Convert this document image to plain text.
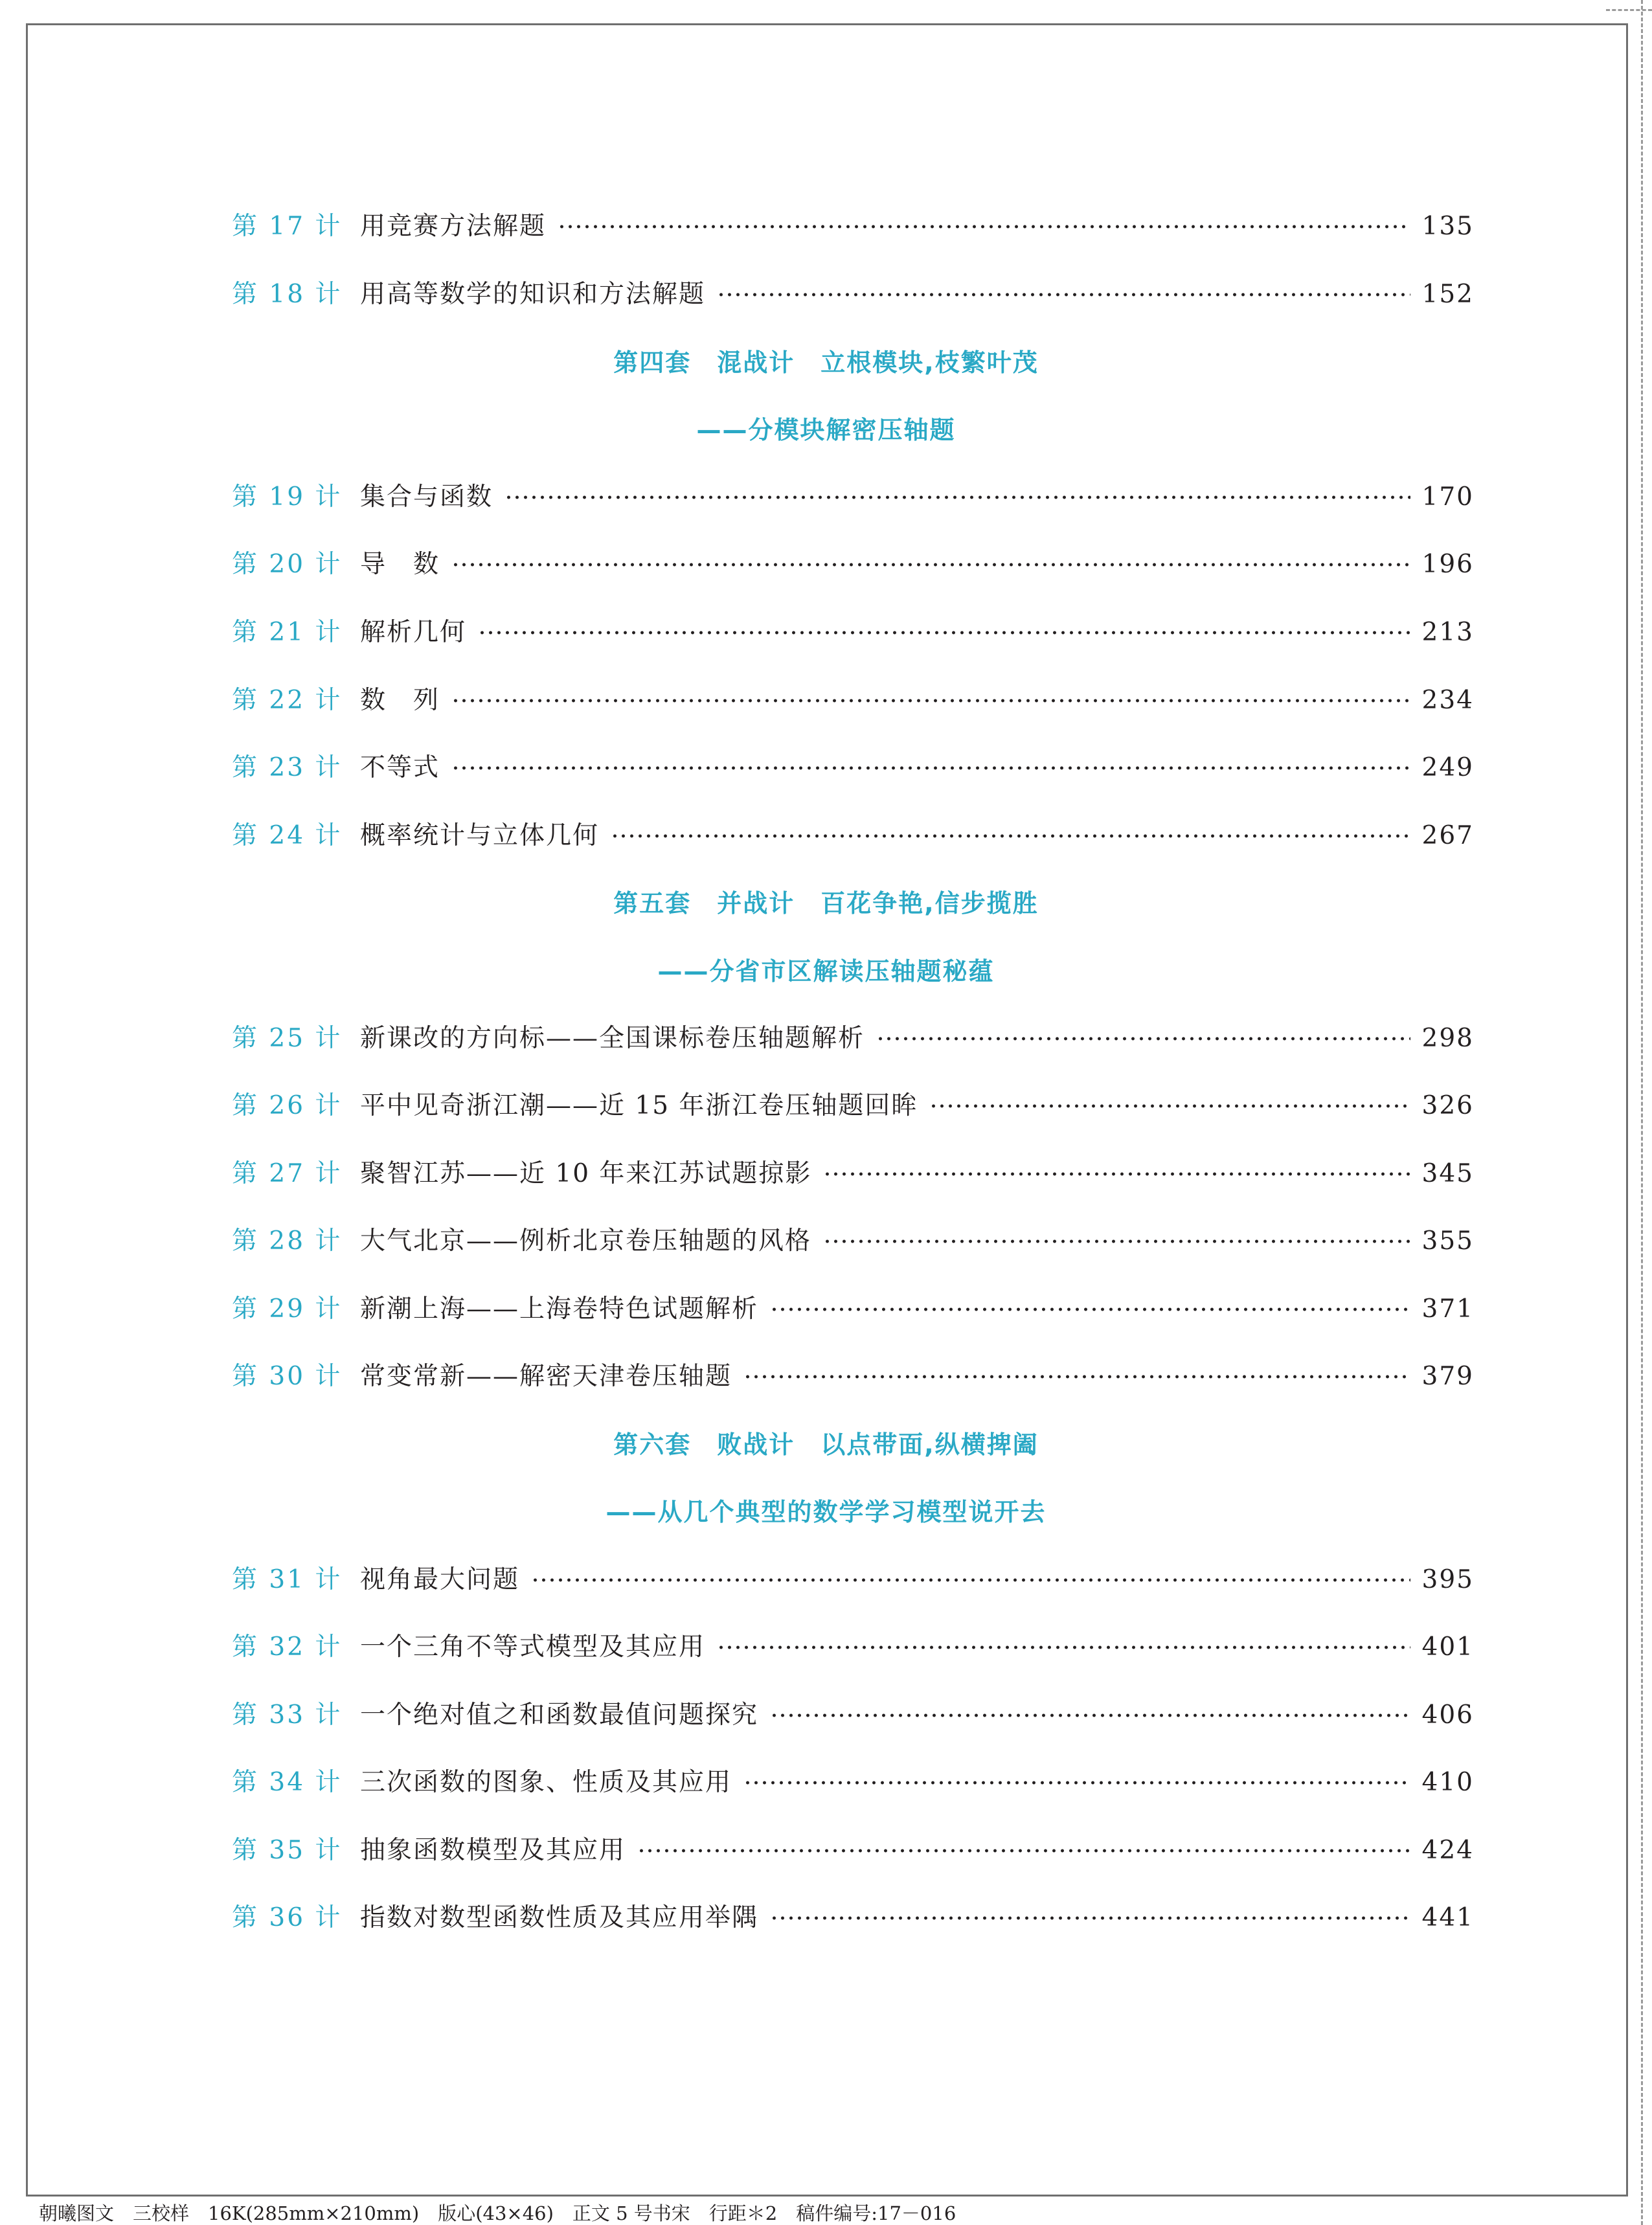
第 17 计 用竞赛方法解题	135
第 18 计 用高等数学的知识和方法解题	152
第四套　混战计　立根模块,枝繁叶茂
——分模块解密压轴题
第 19 计 集合与函数	170
第 20 计 导　数	196
第 21 计 解析几何	213
第 22 计 数　列	234
第 23 计 不等式	249
第 24 计 概率统计与立体几何	267
第五套　并战计　百花争艳,信步揽胜
——分省市区解读压轴题秘蕴
第 25 计 新课改的方向标——全国课标卷压轴题解析	298
第 26 计 平中见奇浙江潮——近 15 年浙江卷压轴题回眸	326
第 27 计 聚智江苏——近 10 年来江苏试题掠影	345
第 28 计 大气北京——例析北京卷压轴题的风格	355
第 29 计 新潮上海——上海卷特色试题解析	371
第 30 计 常变常新——解密天津卷压轴题	379
第六套　败战计　以点带面,纵横捭阖
——从几个典型的数学学习模型说开去
第 31 计 视角最大问题	395
第 32 计 一个三角不等式模型及其应用	401
第 33 计 一个绝对值之和函数最值问题探究	406
第 34 计 三次函数的图象、性质及其应用	410
第 35 计 抽象函数模型及其应用	424
第 36 计 指数对数型函数性质及其应用举隅	441
朝曦图文　三校样　16K(285mm×210mm)　版心(43×46)　正文 5 号书宋　行距＊2　稿件编号:17－016
